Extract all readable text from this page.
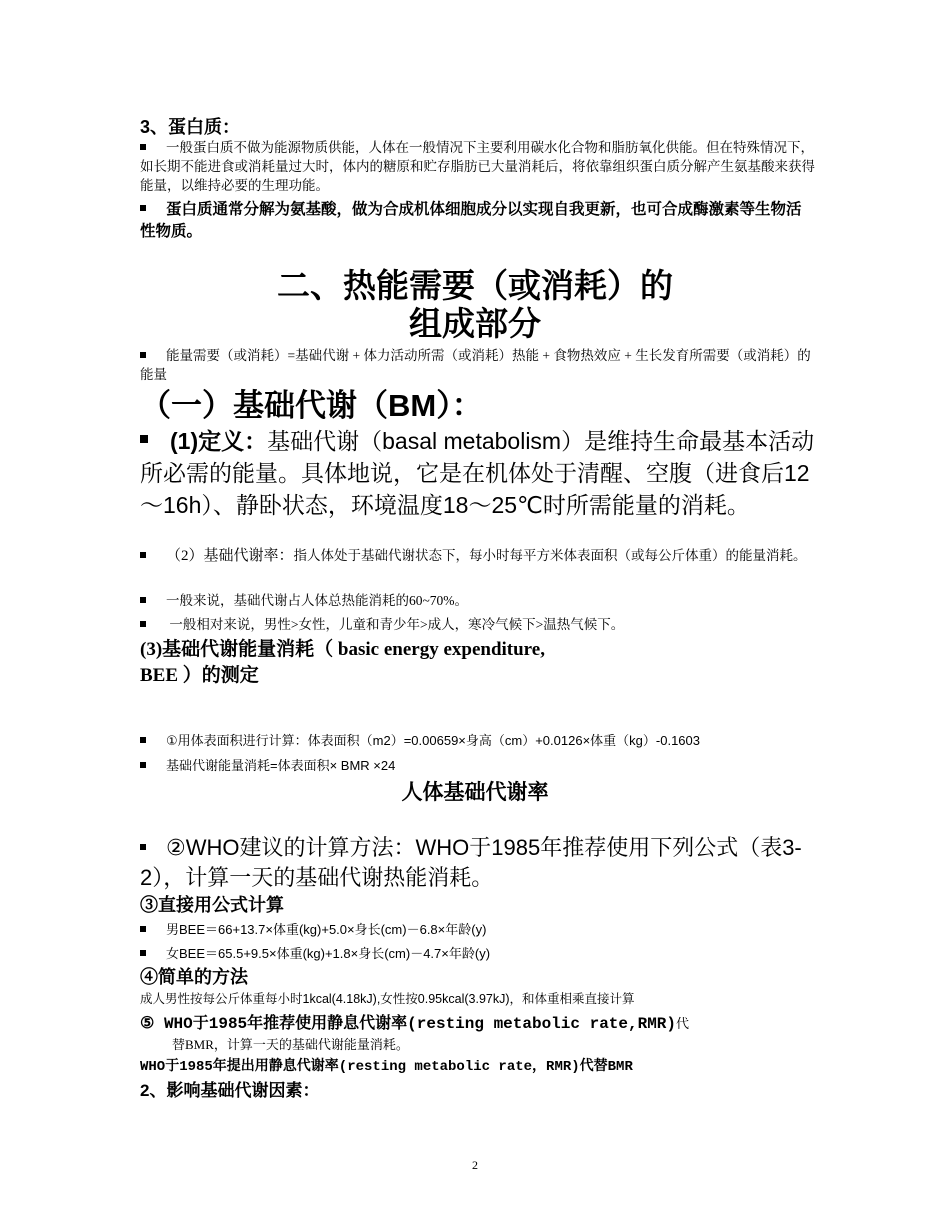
3、蛋白质：
一般蛋白质不做为能源物质供能，人体在一般情况下主要利用碳水化合物和脂肪氧化供能。但在特殊情况下，如长期不能进食或消耗量过大时，体内的糖原和贮存脂肪已大量消耗后，将依靠组织蛋白质分解产生氨基酸来获得能量，以维持必要的生理功能。
蛋白质通常分解为氨基酸，做为合成机体细胞成分以实现自我更新，也可合成酶激素等生物活性物质。
二、热能需要（或消耗）的
组成部分
能量需要（或消耗）=基础代谢 + 体力活动所需（或消耗）热能 + 食物热效应 + 生长发育所需要（或消耗）的能量
（一）基础代谢（BM）：
(1)定义：基础代谢（basal metabolism）是维持生命最基本活动所必需的能量。具体地说，它是在机体处于清醒、空腹（进食后12～16h）、静卧状态，环境温度18～25℃时所需能量的消耗。
（2）基础代谢率：指人体处于基础代谢状态下，每小时每平方米体表面积（或每公斤体重）的能量消耗。
一般来说，基础代谢占人体总热能消耗的60~70%。
一般相对来说，男性>女性，儿童和青少年>成人，寒冷气候下>温热气候下。
(3)基础代谢能量消耗（ basic energy expenditure,
BEE ）的测定
①用体表面积进行计算：体表面积（m2）=0.00659×身高（cm）+0.0126×体重（kg）-0.1603
基础代谢能量消耗=体表面积× BMR ×24
人体基础代谢率
②WHO建议的计算方法：WHO于1985年推荐使用下列公式（表3-2），计算一天的基础代谢热能消耗。
③直接用公式计算
男BEE＝66+13.7×体重(kg)+5.0×身长(cm)－6.8×年龄(y)
女BEE＝65.5+9.5×体重(kg)+1.8×身长(cm)－4.7×年龄(y)
④简单的方法
成人男性按每公斤体重每小时1kcal(4.18kJ),女性按0.95kcal(3.97kJ)，和体重相乘直接计算
⑤ WHO于1985年推荐使用静息代谢率(resting metabolic rate,RMR)代
替BMR，计算一天的基础代谢能量消耗。
WHO于1985年提出用静息代谢率(resting metabolic rate，RMR)代替BMR
2、影响基础代谢因素：
2
